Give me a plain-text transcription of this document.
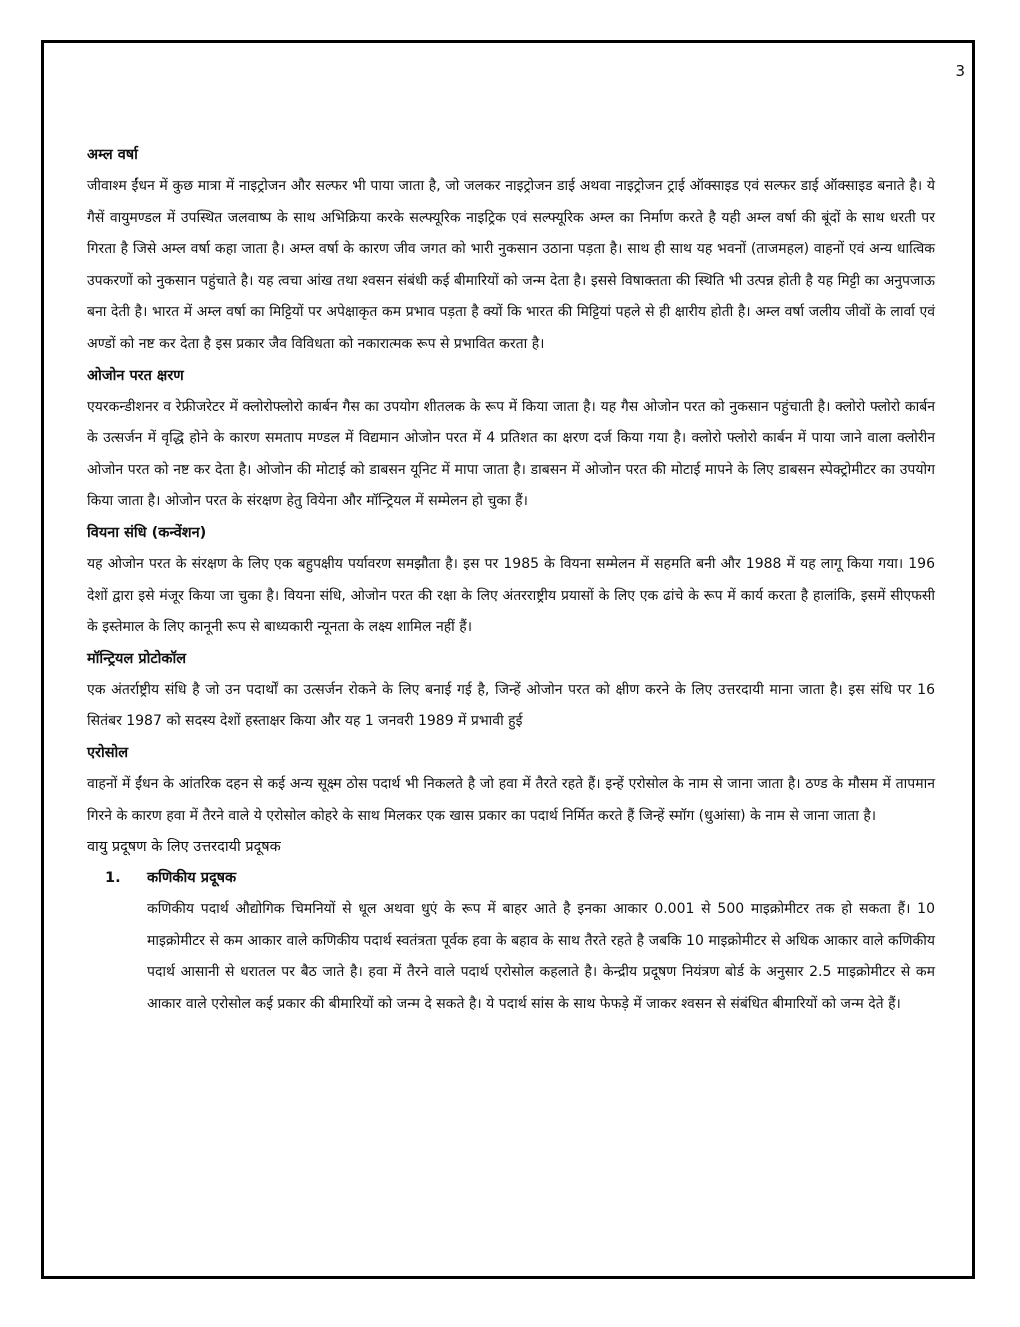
3
अम्ल वर्षा

जीवाश्म ईंधन में कुछ मात्रा में नाइट्रोजन और सल्फर भी पाया जाता है, जो जलकर नाइट्रोजन डाई अथवा नाइट्रोजन ट्राई ऑक्साइड एवं सल्फर डाई ऑक्साइड बनाते है। ये गैसें वायुमण्डल में उपस्थित जलवाष्प के साथ अभिक्रिया करके सल्फ्यूरिक नाइट्रिक एवं सल्फ्यूरिक अम्ल का निर्माण करते है यही अम्ल वर्षा की बूंदों के साथ धरती पर गिरता है जिसे अम्ल वर्षा कहा जाता है। अम्ल वर्षा के कारण जीव जगत को भारी नुकसान उठाना पड़ता है। साथ ही साथ यह भवनों (ताजमहल) वाहनों एवं अन्य धात्विक उपकरणों को नुकसान पहुंचाते है। यह त्वचा आंख तथा श्वसन संबंधी कई बीमारियों को जन्म देता है। इससे विषाक्तता की स्थिति भी उत्पन्न होती है यह मिट्टी का अनुपजाऊ बना देती है। भारत में अम्ल वर्षा का मिट्टियों पर अपेक्षाकृत कम प्रभाव पड़ता है क्यों कि भारत की मिट्टियां पहले से ही क्षारीय होती है। अम्ल वर्षा जलीय जीवों के लार्वा एवं अण्डों को नष्ट कर देता है इस प्रकार जैव विविधता को नकारात्मक रूप से प्रभावित करता है।

ओजोन परत क्षरण

एयरकन्डीशनर व रेफ्रीजरेटर में क्लोरोफ्लोरो कार्बन गैस का उपयोग शीतलक के रूप में किया जाता है। यह गैस ओजोन परत को नुकसान पहुंचाती है। क्लोरो फ्लोरो कार्बन के उत्सर्जन में वृद्धि होने के कारण समताप मण्डल में विद्यमान ओजोन परत में 4 प्रतिशत का क्षरण दर्ज किया गया है। क्लोरो फ्लोरो कार्बन में पाया जाने वाला क्लोरीन ओजोन परत को नष्ट कर देता है। ओजोन की मोटाई को डाबसन यूनिट में मापा जाता है। डाबसन में ओजोन परत की मोटाई मापने के लिए डाबसन स्पेक्ट्रोमीटर का उपयोग किया जाता है। ओजोन परत के संरक्षण हेतु वियेना और मॉन्ट्रियल में सम्मेलन हो चुका हैं।

वियना संधि (कन्वेंशन)

यह ओजोन परत के संरक्षण के लिए एक बहुपक्षीय पर्यावरण समझौता है। इस पर 1985 के वियना सम्मेलन में सहमति बनी और 1988 में यह लागू किया गया। 196 देशों द्वारा इसे मंजूर किया जा चुका है। वियना संधि, ओजोन परत की रक्षा के लिए अंतरराष्ट्रीय प्रयासों के लिए एक ढांचे के रूप में कार्य करता है हालांकि, इसमें सीएफसी के इस्तेमाल के लिए कानूनी रूप से बाध्यकारी न्यूनता के लक्ष्य शामिल नहीं हैं।

मॉन्ट्रियल प्रोटोकॉल

एक अंतर्राष्ट्रीय संधि है जो उन पदार्थों का उत्सर्जन रोकने के लिए बनाई गई है, जिन्हें ओजोन परत को क्षीण करने के लिए उत्तरदायी माना जाता है। इस संधि पर 16 सितंबर 1987 को सदस्य देशों हस्ताक्षर किया और यह 1 जनवरी 1989 में प्रभावी हुई

एरोसोल

वाहनों में ईंधन के आंतरिक दहन से कई अन्य सूक्ष्म ठोस पदार्थ भी निकलते है जो हवा में तैरते रहते हैं। इन्हें एरोसोल के नाम से जाना जाता है। ठण्ड के मौसम में तापमान गिरने के कारण हवा में तैरने वाले ये एरोसोल कोहरे के साथ मिलकर एक खास प्रकार का पदार्थ निर्मित करते हैं जिन्हें स्मॉग (धुआंसा) के नाम से जाना जाता है।

वायु प्रदूषण के लिए उत्तरदायी प्रदूषक
1.	कणिकीय प्रदूषक

कणिकीय पदार्थ औद्योगिक चिमनियों से धूल अथवा धुएं के रूप में बाहर आते है इनका आकार 0.001 से 500 माइक्रोमीटर तक हो सकता हैं। 10 माइक्रोमीटर से कम आकार वाले कणिकीय पदार्थ स्वतंत्रता पूर्वक हवा के बहाव के साथ तैरते रहते है जबकि 10 माइक्रोमीटर से अधिक आकार वाले कणिकीय पदार्थ आसानी से धरातल पर बैठ जाते है। हवा में तैरने वाले पदार्थ एरोसोल कहलाते है। केन्द्रीय प्रदूषण नियंत्रण बोर्ड के अनुसार 2.5 माइक्रोमीटर से कम आकार वाले एरोसोल कई प्रकार की बीमारियों को जन्म दे सकते है। ये पदार्थ सांस के साथ फेफड़े में जाकर श्वसन से संबंधित बीमारियों को जन्म देते हैं।
